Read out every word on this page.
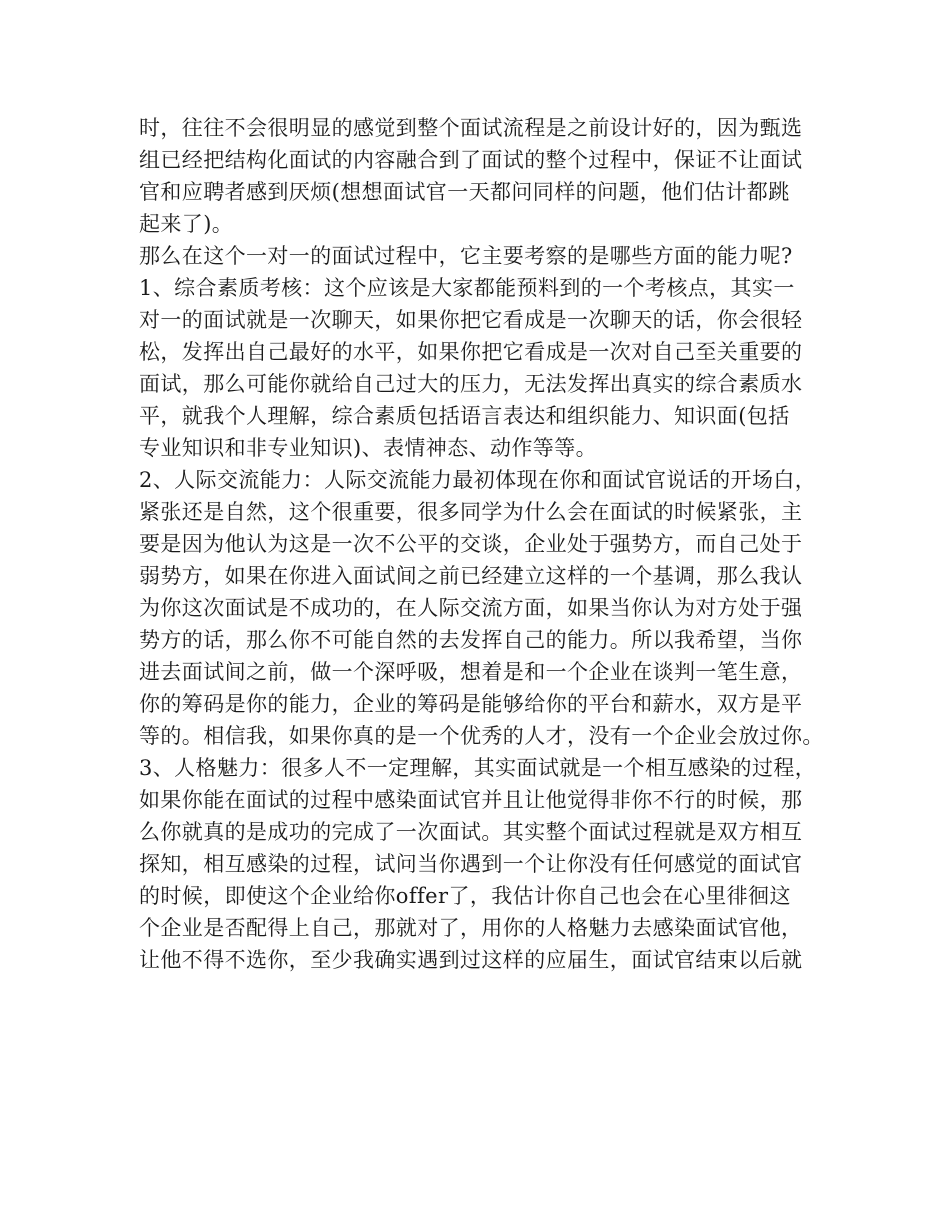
时，往往不会很明显的感觉到整个面试流程是之前设计好的，因为甄选
组已经把结构化面试的内容融合到了面试的整个过程中，保证不让面试
官和应聘者感到厌烦(想想面试官一天都问同样的问题，他们估计都跳
起来了)。
那么在这个一对一的面试过程中，它主要考察的是哪些方面的能力呢?
1、综合素质考核：这个应该是大家都能预料到的一个考核点，其实一
对一的面试就是一次聊天，如果你把它看成是一次聊天的话，你会很轻
松，发挥出自己最好的水平，如果你把它看成是一次对自己至关重要的
面试，那么可能你就给自己过大的压力，无法发挥出真实的综合素质水
平，就我个人理解，综合素质包括语言表达和组织能力、知识面(包括
专业知识和非专业知识)、表情神态、动作等等。
2、人际交流能力：人际交流能力最初体现在你和面试官说话的开场白，
紧张还是自然，这个很重要，很多同学为什么会在面试的时候紧张，主
要是因为他认为这是一次不公平的交谈，企业处于强势方，而自己处于
弱势方，如果在你进入面试间之前已经建立这样的一个基调，那么我认
为你这次面试是不成功的，在人际交流方面，如果当你认为对方处于强
势方的话，那么你不可能自然的去发挥自己的能力。所以我希望，当你
进去面试间之前，做一个深呼吸，想着是和一个企业在谈判一笔生意，
你的筹码是你的能力，企业的筹码是能够给你的平台和薪水，双方是平
等的。相信我，如果你真的是一个优秀的人才，没有一个企业会放过你。
3、人格魅力：很多人不一定理解，其实面试就是一个相互感染的过程，
如果你能在面试的过程中感染面试官并且让他觉得非你不行的时候，那
么你就真的是成功的完成了一次面试。其实整个面试过程就是双方相互
探知，相互感染的过程，试问当你遇到一个让你没有任何感觉的面试官
的时候，即使这个企业给你offer了，我估计你自己也会在心里徘徊这
个企业是否配得上自己，那就对了，用你的人格魅力去感染面试官他，
让他不得不选你，至少我确实遇到过这样的应届生，面试官结束以后就
